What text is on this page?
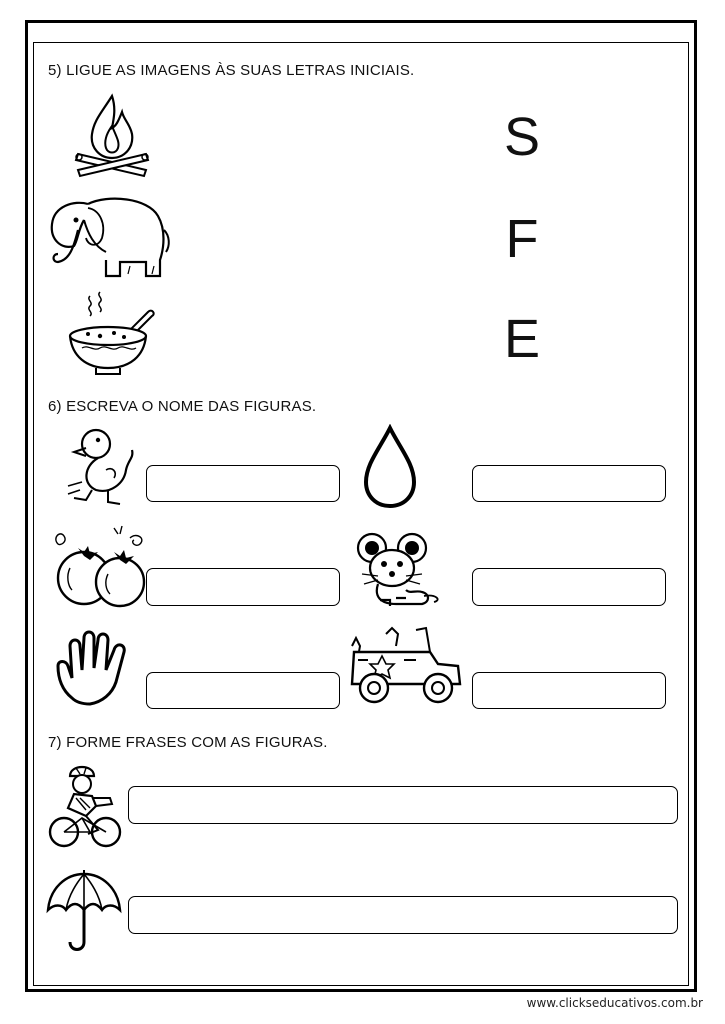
5) LIGUE AS IMAGENS ÀS SUAS LETRAS INICIAIS.
S
F
E
6) ESCREVA O NOME DAS FIGURAS.
7) FORME FRASES COM AS FIGURAS.
www.clickseducativos.com.br
